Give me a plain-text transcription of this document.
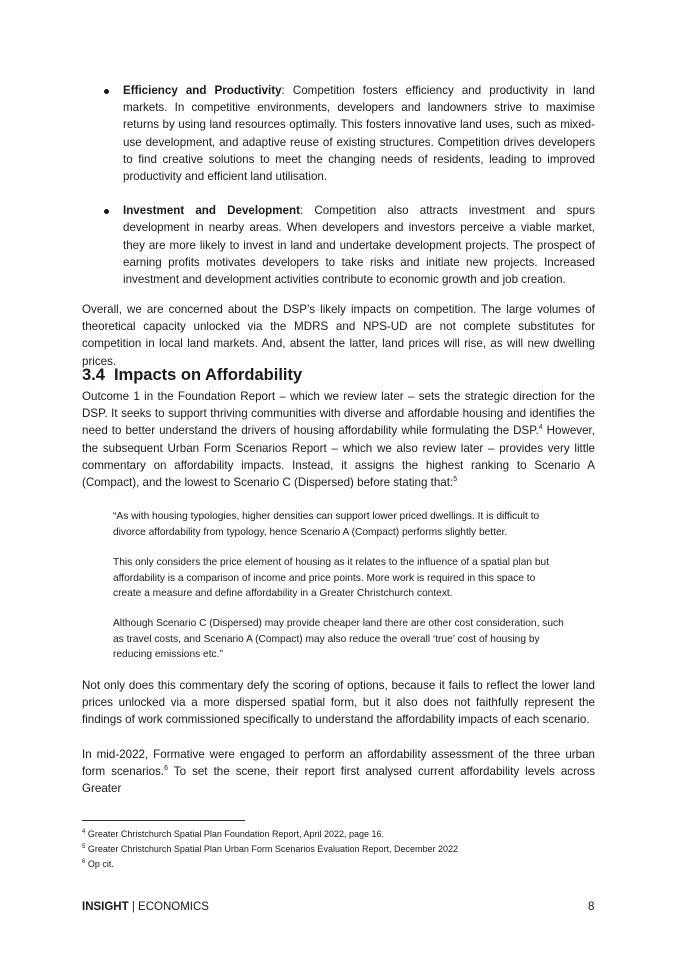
Efficiency and Productivity: Competition fosters efficiency and productivity in land markets. In competitive environments, developers and landowners strive to maximise returns by using land resources optimally. This fosters innovative land uses, such as mixed-use development, and adaptive reuse of existing structures. Competition drives developers to find creative solutions to meet the changing needs of residents, leading to improved productivity and efficient land utilisation.
Investment and Development: Competition also attracts investment and spurs development in nearby areas. When developers and investors perceive a viable market, they are more likely to invest in land and undertake development projects. The prospect of earning profits motivates developers to take risks and initiate new projects. Increased investment and development activities contribute to economic growth and job creation.

Overall, we are concerned about the DSP’s likely impacts on competition. The large volumes of theoretical capacity unlocked via the MDRS and NPS-UD are not complete substitutes for competition in local land markets. And, absent the latter, land prices will rise, as will new dwelling prices.

3.4 Impacts on Affordability

Outcome 1 in the Foundation Report – which we review later – sets the strategic direction for the DSP. It seeks to support thriving communities with diverse and affordable housing and identifies the need to better understand the drivers of housing affordability while formulating the DSP.$^4$ However, the subsequent Urban Form Scenarios Report – which we also review later – provides very little commentary on affordability impacts. Instead, it assigns the highest ranking to Scenario A (Compact), and the lowest to Scenario C (Dispersed) before stating that:$^5$

“As with housing typologies, higher densities can support lower priced dwellings. It is difficult to divorce affordability from typology, hence Scenario A (Compact) performs slightly better.

This only considers the price element of housing as it relates to the influence of a spatial plan but affordability is a comparison of income and price points. More work is required in this space to create a measure and define affordability in a Greater Christchurch context.

Although Scenario C (Dispersed) may provide cheaper land there are other cost consideration, such as travel costs, and Scenario A (Compact) may also reduce the overall ‘true’ cost of housing by reducing emissions etc.”

Not only does this commentary defy the scoring of options, because it fails to reflect the lower land prices unlocked via a more dispersed spatial form, but it also does not faithfully represent the findings of work commissioned specifically to understand the affordability impacts of each scenario.

In mid-2022, Formative were engaged to perform an affordability assessment of the three urban form scenarios.$^6$ To set the scene, their report first analysed current affordability levels across Greater

$^4$ Greater Christchurch Spatial Plan Foundation Report, April 2022, page 16.
$^5$ Greater Christchurch Spatial Plan Urban Form Scenarios Evaluation Report, December 2022
$^6$ Op cit.
INSIGHT | ECONOMICS	8
